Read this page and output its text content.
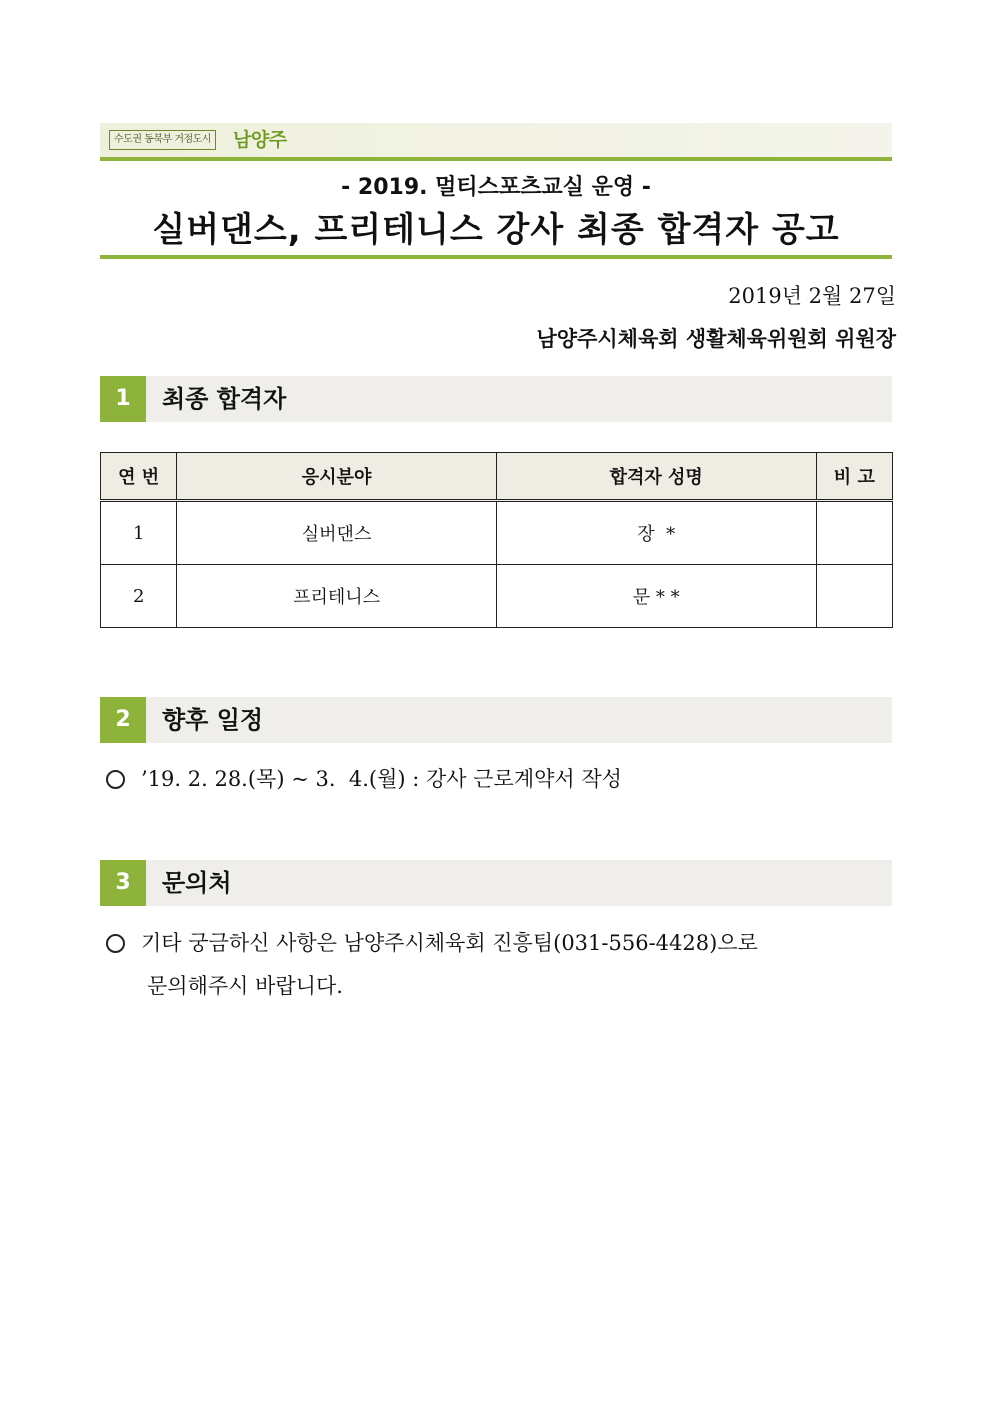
수도권 동북부 거점도시 남양주
- 2019. 멀티스포츠교실 운영 -
실버댄스, 프리테니스 강사 최종 합격자 공고
2019년 2월 27일
남양주시체육회 생활체육위원회 위원장
1	최종 합격자
연 번	응시분야	합격자 성명	비 고
1	실버댄스	장  *	
2	프리테니스	문 * *	
2	향후 일정
’19. 2. 28.(목) ~ 3.  4.(월) : 강사 근로계약서 작성
3	문의처
기타 궁금하신 사항은 남양주시체육회 진흥팀(031-556-4428)으로
문의해주시 바랍니다.
